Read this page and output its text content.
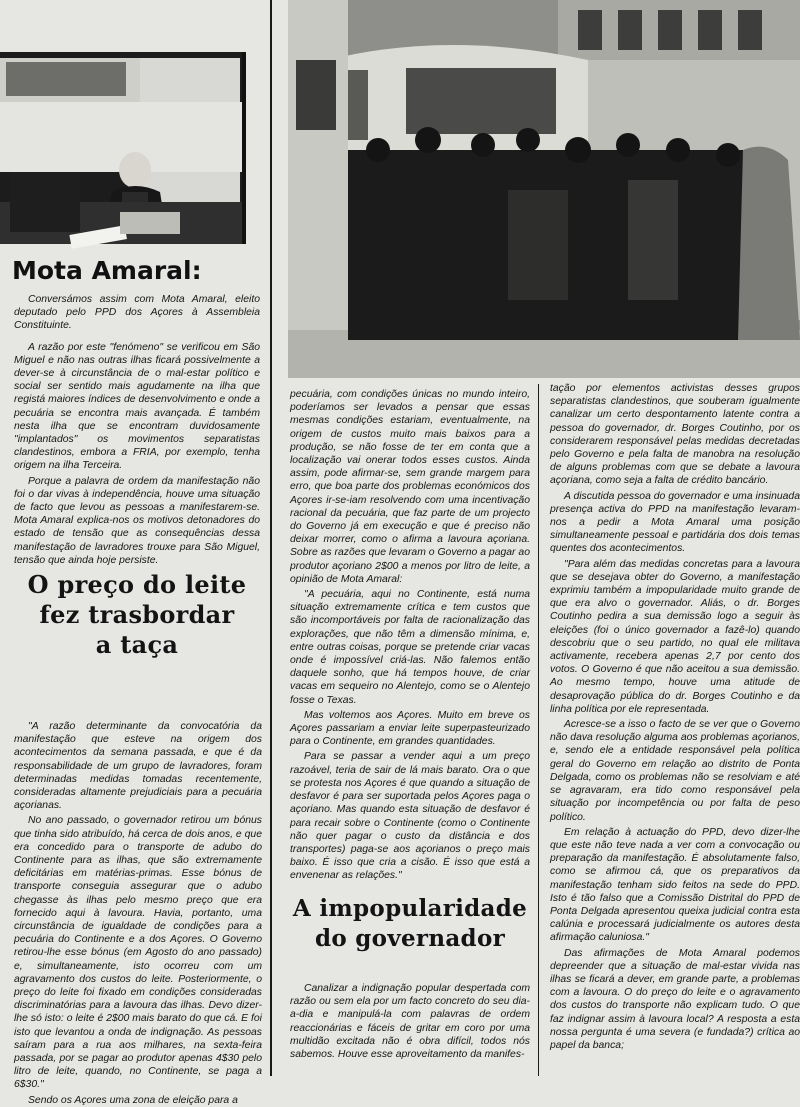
Mota Amaral:

Conversámos assim com Mota Amaral, eleito deputado pelo PPD dos Açores à Assembleia Constituinte.

A razão por este "fenómeno" se verificou em São Miguel e não nas outras ilhas ficará possivelmente a dever-se à circunstância de o mal-estar político e social ser sentido mais agudamente na ilha que registá maiores índices de desenvolvimento e onde a pecuária se encontra mais avançada. É também nesta ilha que se encontram duvidosamente "implantados" os movimentos separatistas clandestinos, embora a FRIA, por exemplo, tenha origem na ilha Terceira.

Porque a palavra de ordem da manifestação não foi o dar vivas à independência, houve uma situação de facto que levou as pessoas a manifestarem-se. Mota Amaral explica-nos os motivos detonadores do estado de tensão que as consequências dessa manifestação de lavradores trouxe para São Miguel, tensão que ainda hoje persiste.

O preço do leite
fez trasbordar
a taça

"A razão determinante da convocatória da manifestação que esteve na origem dos acontecimentos da semana passada, e que é da responsabilidade de um grupo de lavradores, foram determinadas medidas tomadas recentemente, consideradas altamente prejudiciais para a pecuária açorianas.

No ano passado, o governador retirou um bónus que tinha sido atribuído, há cerca de dois anos, e que era concedido para o transporte de adubo do Continente para as ilhas, que são extremamente deficitárias em matérias-primas. Esse bónus de transporte conseguia assegurar que o adubo chegasse às ilhas pelo mesmo preço que era fornecido aqui à lavoura. Havia, portanto, uma circunstância de igualdade de condições para a pecuária do Continente e a dos Açores. O Governo retirou-lhe esse bónus (em Agosto do ano passado) e, simultaneamente, isto ocorreu com um agravamento dos custos do leite. Posteriormente, o preço do leite foi fixado em condições consideradas discriminatórias para a lavoura das ilhas. Devo dizer-lhe só isto: o leite é 2$00 mais barato do que cá. E foi isto que levantou a onda de indignação. As pessoas saíram para a rua aos milhares, na sexta-feira passada, por se pagar ao produtor apenas 4$30 pelo litro de leite, quando, no Continente, se paga a 6$30."

Sendo os Açores uma zona de eleição para a

pecuária, com condições únicas no mundo inteiro, poderíamos ser levados a pensar que essas mesmas condições estariam, eventualmente, na origem de custos muito mais baixos para a produção, se não fosse de ter em conta que a localização vai onerar todos esses custos. Ainda assim, pode afirmar-se, sem grande margem para erro, que boa parte dos problemas económicos dos Açores ir-se-iam resolvendo com uma incentivação racional da pecuária, que faz parte de um projecto do Governo já em execução e que é preciso não deixar morrer, como o afirma a lavoura açoriana. Sobre as razões que levaram o Governo a pagar ao produtor açoriano 2$00 a menos por litro de leite, a opinião de Mota Amaral:

"A pecuária, aqui no Continente, está numa situação extremamente crítica e tem custos que são incomportáveis por falta de racionalização das explorações, que não têm a dimensão mínima, e, entre outras coisas, porque se pretende criar vacas onde é impossível criá-las. Não falemos então daquele sonho, que há tempos houve, de criar vacas em sequeiro no Alentejo, como se o Alentejo fosse o Texas.

Mas voltemos aos Açores. Muito em breve os Açores passariam a enviar leite superpasteurizado para o Continente, em grandes quantidades.

Para se passar a vender aqui a um preço razoável, teria de sair de lá mais barato. Ora o que se protesta nos Açores é que quando a situação de desfavor é para ser suportada pelos Açores paga o açoriano. Mas quando esta situação de desfavor é para recair sobre o Continente (como o Continente não quer pagar o custo da distância e dos transportes) paga-se aos açorianos o preço mais baixo. É isso que cria a cisão. É isso que está a envenenar as relações."

A impopularidade
do governador

Canalizar a indignação popular despertada com razão ou sem ela por um facto concreto do seu dia-a-dia e manipulá-la com palavras de ordem reaccionárias e fáceis de gritar em coro por uma multidão excitada não é obra difícil, todos nós sabemos. Houve esse aproveitamento da manifes-

tação por elementos activistas desses grupos separatistas clandestinos, que souberam igualmente canalizar um certo despontamento latente contra a pessoa do governador, dr. Borges Coutinho, por os considerarem responsável pelas medidas decretadas pelo Governo e pela falta de manobra na resolução de alguns problemas com que se debate a lavoura açoriana, como seja a falta de crédito bancário.

A discutida pessoa do governador e uma insinuada presença activa do PPD na manifestação levaram-nos a pedir a Mota Amaral uma posição simultaneamente pessoal e partidária dos dois temas quentes dos acontecimentos.

"Para além das medidas concretas para a lavoura que se desejava obter do Governo, a manifestação exprimiu também a impopularidade muito grande de que era alvo o governador. Aliás, o dr. Borges Coutinho pedira a sua demissão logo a seguir às eleições (foi o único governador a fazê-lo) quando descobriu que o seu partido, no qual ele militava activamente, recebera apenas 2,7 por cento dos votos. O Governo é que não aceitou a sua demissão. Ao mesmo tempo, houve uma atitude de desaprovação pública do dr. Borges Coutinho e da linha política por ele representada.

Acresce-se a isso o facto de se ver que o Governo não dava resolução alguma aos problemas açorianos, e, sendo ele a entidade responsável pela política geral do Governo em relação ao distrito de Ponta Delgada, como os problemas não se resolviam e até se agravaram, era tido como responsável pela situação por incompetência ou por falta de peso político.

Em relação à actuação do PPD, devo dizer-lhe que este não teve nada a ver com a convocação ou preparação da manifestação. É absolutamente falso, como se afirmou cá, que os preparativos da manifestação tenham sido feitos na sede do PPD. Isto é tão falso que a Comissão Distrital do PPD de Ponta Delgada apresentou queixa judicial contra esta calúnia e processará judicialmente os autores desta afirmação caluniosa."

Das afirmações de Mota Amaral podemos depreender que a situação de mal-estar vivida nas ilhas se ficará a dever, em grande parte, a problemas com a lavoura. O do preço do leite e o agravamento dos custos do transporte não explicam tudo. O que faz indignar assim à lavoura local? A resposta a esta nossa pergunta é uma severa (e fundada?) crítica ao papel da banca;
